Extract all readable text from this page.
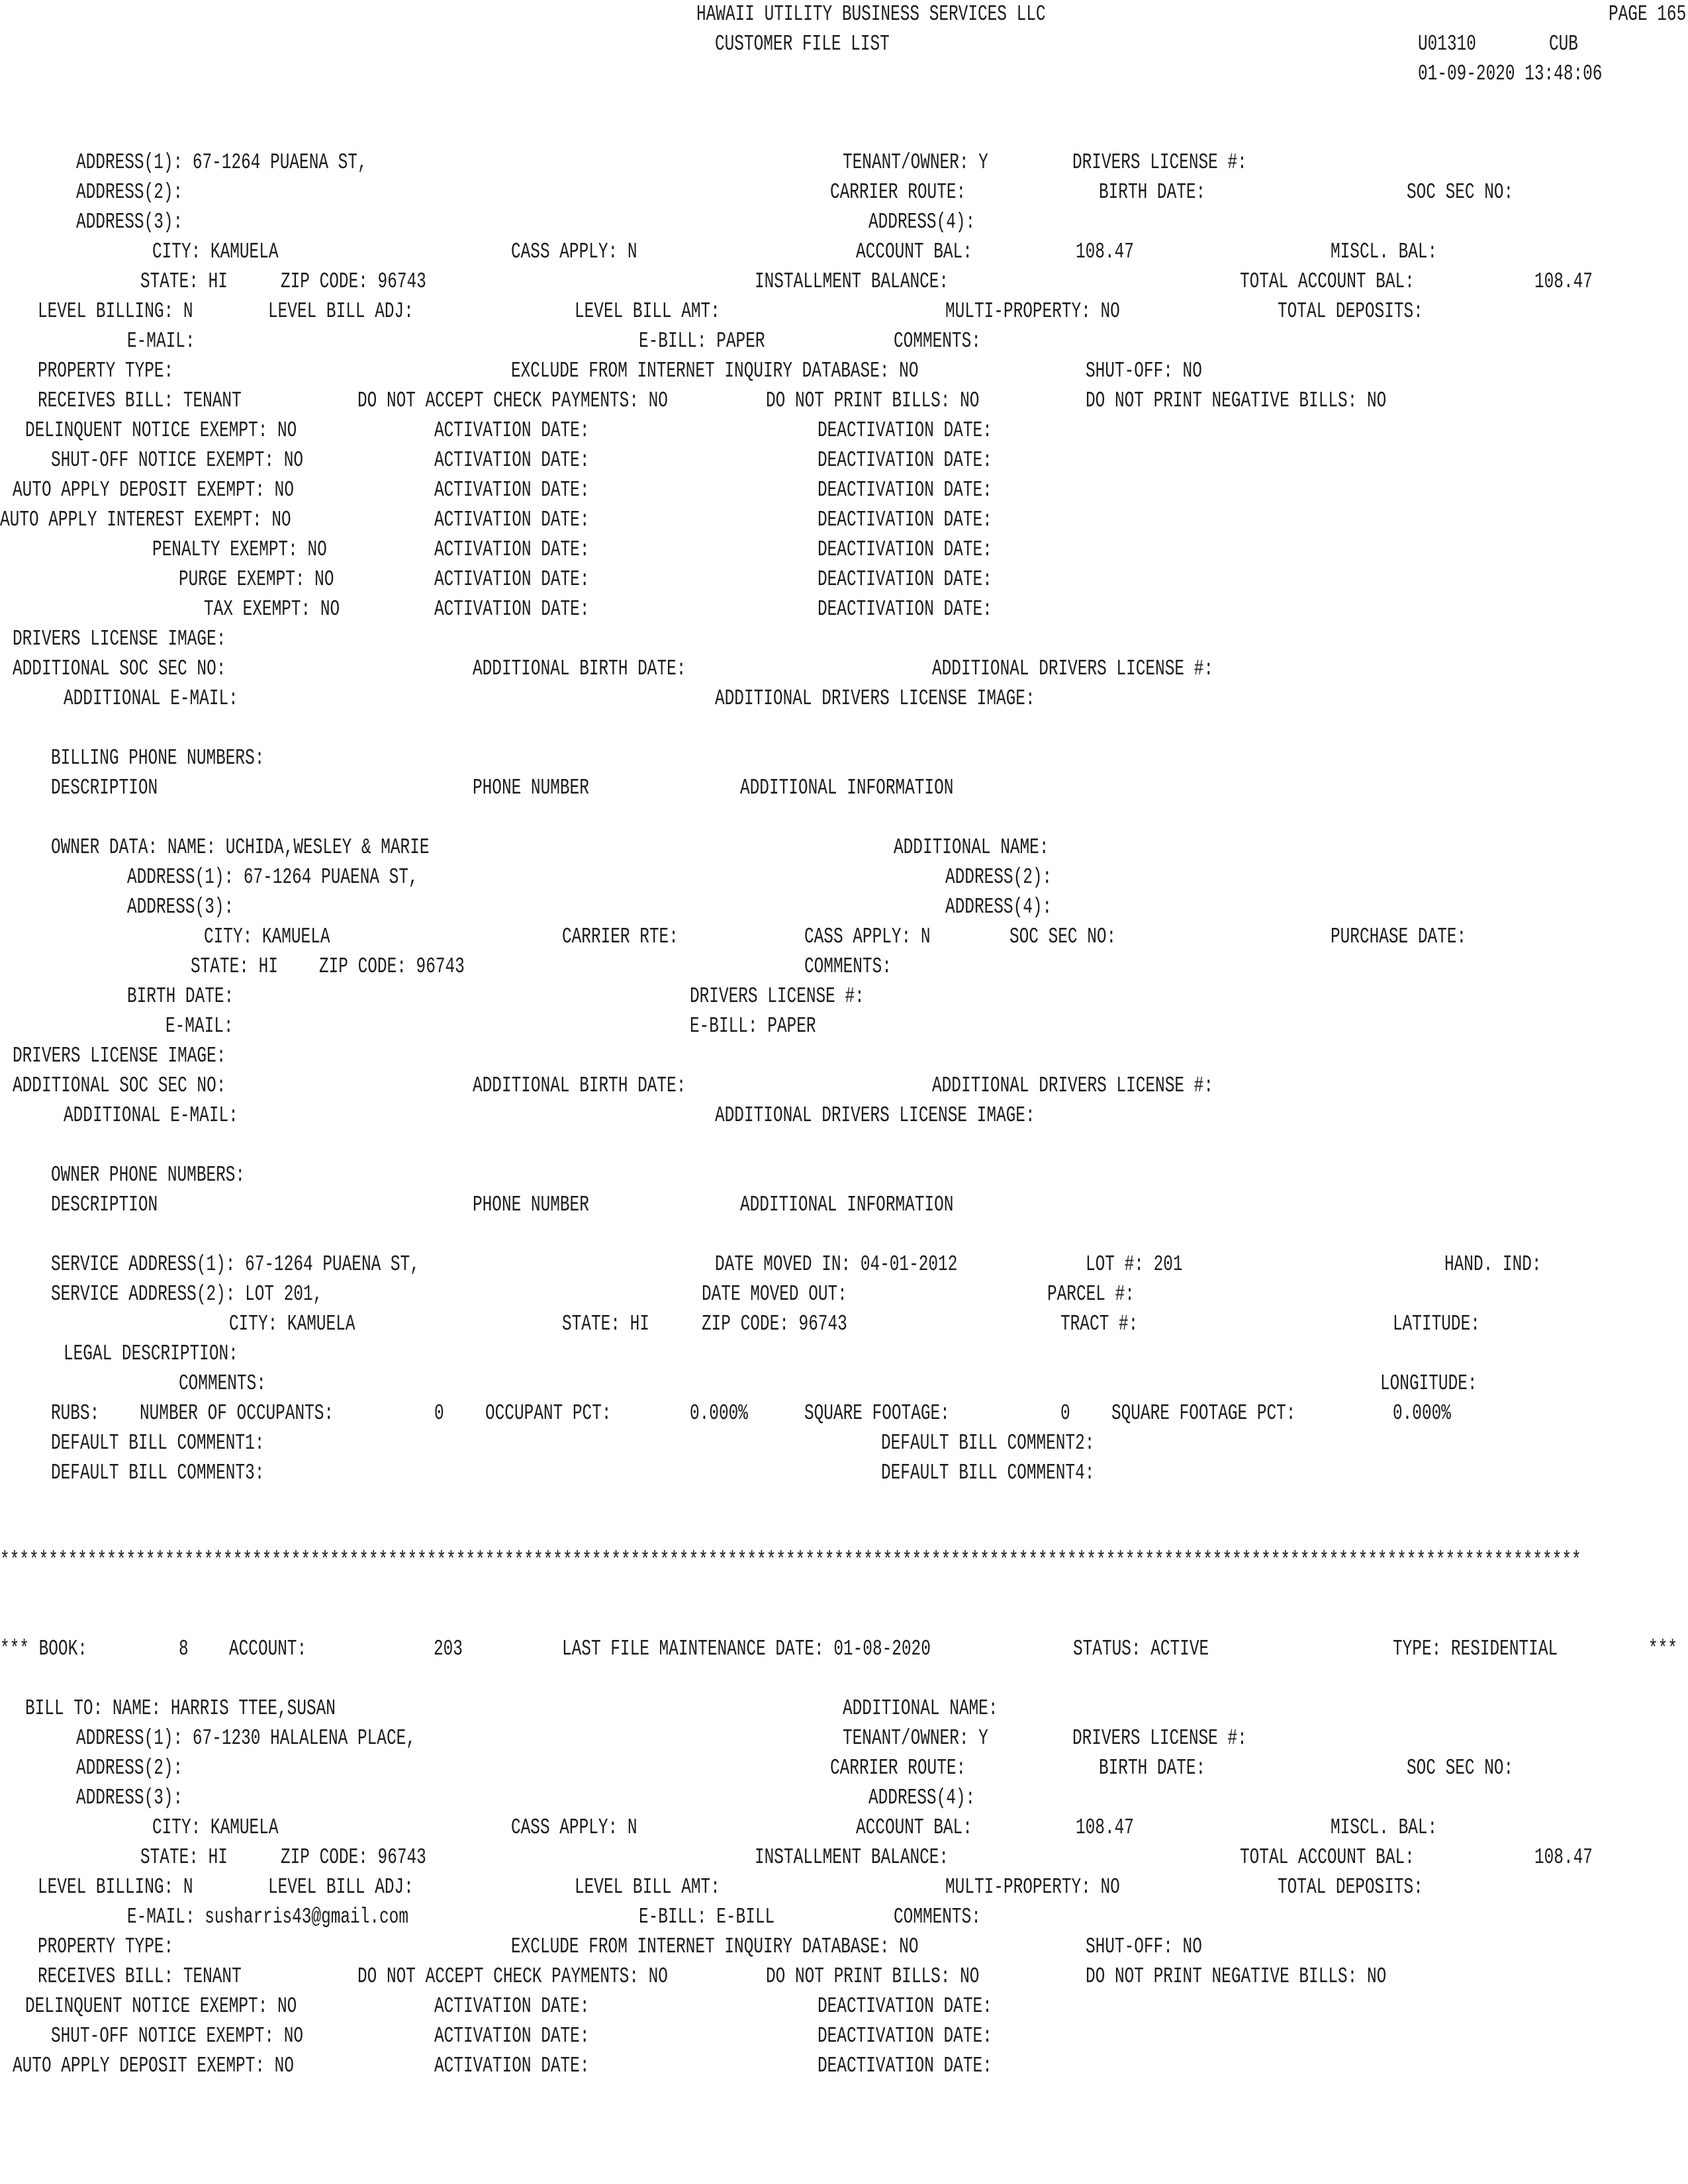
HAWAII UTILITY BUSINESS SERVICES LLC	PAGE 165
CUSTOMER FILE LIST	U01310	CUB
01-09-2020 13:48:06
ADDRESS(1): 67-1264 PUAENA ST,	TENANT/OWNER: Y	DRIVERS LICENSE #:
ADDRESS(2):	CARRIER ROUTE:	BIRTH DATE:	SOC SEC NO:
ADDRESS(3):	ADDRESS(4):
CITY: KAMUELA	CASS APPLY: N	ACCOUNT BAL:	108.47	MISCL. BAL:
STATE: HI ZIP CODE: 96743	INSTALLMENT BALANCE:	TOTAL ACCOUNT BAL:	108.47
LEVEL BILLING: N	LEVEL BILL ADJ:	LEVEL BILL AMT:	MULTI-PROPERTY: NO	TOTAL DEPOSITS:
E-MAIL:	E-BILL: PAPER	COMMENTS:
PROPERTY TYPE:	EXCLUDE FROM INTERNET INQUIRY DATABASE: NO	SHUT-OFF: NO
RECEIVES BILL: TENANT	DO NOT ACCEPT CHECK PAYMENTS: NO	DO NOT PRINT BILLS: NO	DO NOT PRINT NEGATIVE BILLS: NO
DELINQUENT NOTICE EXEMPT: NO	ACTIVATION DATE:	DEACTIVATION DATE:
SHUT-OFF NOTICE EXEMPT: NO	ACTIVATION DATE:	DEACTIVATION DATE:
AUTO APPLY DEPOSIT EXEMPT: NO	ACTIVATION DATE:	DEACTIVATION DATE:
AUTO APPLY INTEREST EXEMPT: NO	ACTIVATION DATE:	DEACTIVATION DATE:
PENALTY EXEMPT: NO	ACTIVATION DATE:	DEACTIVATION DATE:
PURGE EXEMPT: NO	ACTIVATION DATE:	DEACTIVATION DATE:
TAX EXEMPT: NO	ACTIVATION DATE:	DEACTIVATION DATE:
DRIVERS LICENSE IMAGE:
ADDITIONAL SOC SEC NO:	ADDITIONAL BIRTH DATE:	ADDITIONAL DRIVERS LICENSE #:
ADDITIONAL E-MAIL:	ADDITIONAL DRIVERS LICENSE IMAGE:
BILLING PHONE NUMBERS:
DESCRIPTION	PHONE NUMBER	ADDITIONAL INFORMATION
OWNER DATA: NAME: UCHIDA,WESLEY & MARIE	ADDITIONAL NAME:
ADDRESS(1): 67-1264 PUAENA ST,	ADDRESS(2):
ADDRESS(3):	ADDRESS(4):
CITY: KAMUELA	CARRIER RTE:	CASS APPLY: N	SOC SEC NO:	PURCHASE DATE:
STATE: HI ZIP CODE: 96743	COMMENTS:
BIRTH DATE:	DRIVERS LICENSE #:
E-MAIL:	E-BILL: PAPER
DRIVERS LICENSE IMAGE:
ADDITIONAL SOC SEC NO:	ADDITIONAL BIRTH DATE:	ADDITIONAL DRIVERS LICENSE #:
ADDITIONAL E-MAIL:	ADDITIONAL DRIVERS LICENSE IMAGE:
OWNER PHONE NUMBERS:
DESCRIPTION	PHONE NUMBER	ADDITIONAL INFORMATION
SERVICE ADDRESS(1): 67-1264 PUAENA ST,	DATE MOVED IN: 04-01-2012	LOT #: 201	HAND. IND:
SERVICE ADDRESS(2): LOT 201,	DATE MOVED OUT:	PARCEL #:
CITY: KAMUELA	STATE: HI ZIP CODE: 96743	TRACT #:	LATITUDE:
LEGAL DESCRIPTION:
COMMENTS:	LONGITUDE:
RUBS: NUMBER OF OCCUPANTS:	0 OCCUPANT PCT:	0.000%	SQUARE FOOTAGE:	0 SQUARE FOOTAGE PCT:	0.000%
DEFAULT BILL COMMENT1:	DEFAULT BILL COMMENT2:
DEFAULT BILL COMMENT3:	DEFAULT BILL COMMENT4:
*******************************************************************************************************************************************************************
*** BOOK:	8 ACCOUNT:	203	LAST FILE MAINTENANCE DATE: 01-08-2020	STATUS: ACTIVE	TYPE: RESIDENTIAL	***
BILL TO: NAME: HARRIS TTEE,SUSAN	ADDITIONAL NAME:
ADDRESS(1): 67-1230 HALALENA PLACE,	TENANT/OWNER: Y	DRIVERS LICENSE #:
ADDRESS(2):	CARRIER ROUTE:	BIRTH DATE:	SOC SEC NO:
ADDRESS(3):	ADDRESS(4):
CITY: KAMUELA	CASS APPLY: N	ACCOUNT BAL:	108.47	MISCL. BAL:
STATE: HI ZIP CODE: 96743	INSTALLMENT BALANCE:	TOTAL ACCOUNT BAL:	108.47
LEVEL BILLING: N	LEVEL BILL ADJ:	LEVEL BILL AMT:	MULTI-PROPERTY: NO	TOTAL DEPOSITS:
E-MAIL: susharris43@gmail.com	E-BILL: E-BILL	COMMENTS:
PROPERTY TYPE:	EXCLUDE FROM INTERNET INQUIRY DATABASE: NO	SHUT-OFF: NO
RECEIVES BILL: TENANT	DO NOT ACCEPT CHECK PAYMENTS: NO	DO NOT PRINT BILLS: NO	DO NOT PRINT NEGATIVE BILLS: NO
DELINQUENT NOTICE EXEMPT: NO	ACTIVATION DATE:	DEACTIVATION DATE:
SHUT-OFF NOTICE EXEMPT: NO	ACTIVATION DATE:	DEACTIVATION DATE:
AUTO APPLY DEPOSIT EXEMPT: NO	ACTIVATION DATE:	DEACTIVATION DATE:
